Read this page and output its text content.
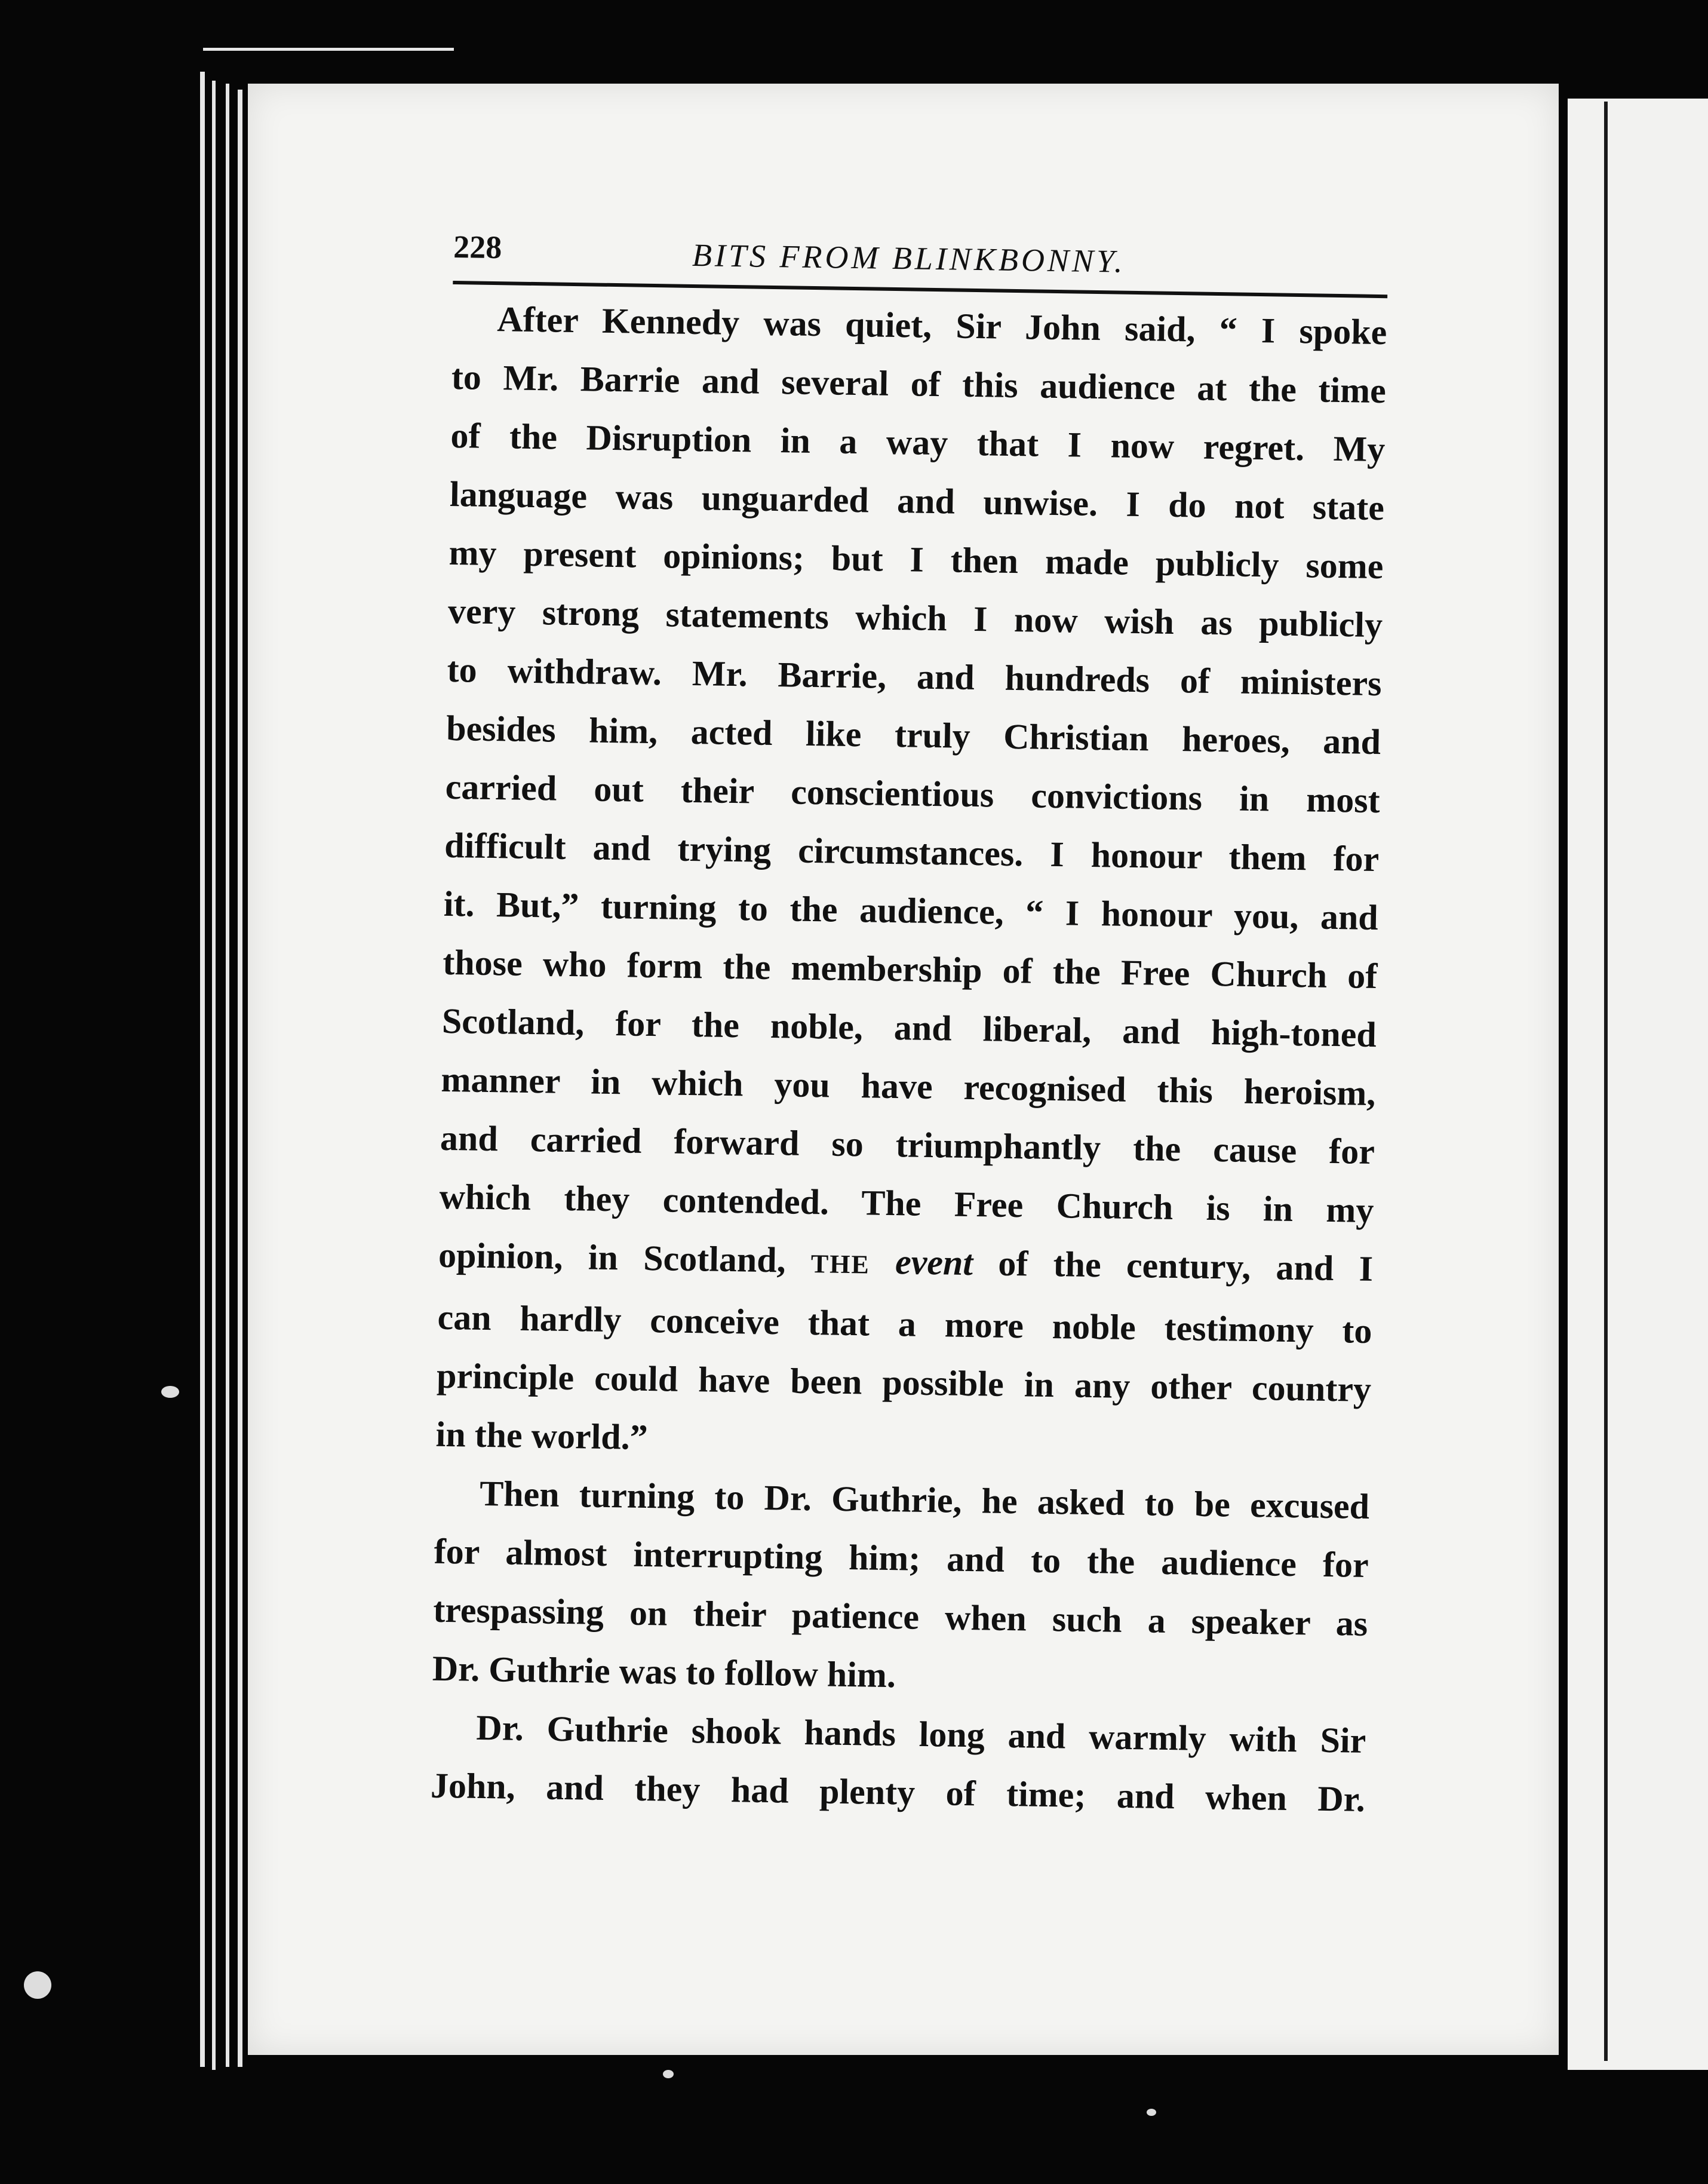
228	BITS FROM BLINKBONNY.

After Kennedy was quiet, Sir John said, “ I spoke
to Mr. Barrie and several of this audience at the time
of the Disruption in a way that I now regret. My
language was unguarded and unwise. I do not state
my present opinions; but I then made publicly some
very strong statements which I now wish as publicly
to withdraw. Mr. Barrie, and hundreds of ministers
besides him, acted like truly Christian heroes, and
carried out their conscientious convictions in most
difficult and trying circumstances. I honour them for
it. But,” turning to the audience, “ I honour you, and
those who form the membership of the Free Church of
Scotland, for the noble, and liberal, and high-toned
manner in which you have recognised this heroism,
and carried forward so triumphantly the cause for
which they contended. The Free Church is in my
opinion, in Scotland, THE event of the century, and I
can hardly conceive that a more noble testimony to
principle could have been possible in any other country
in the world.”

Then turning to Dr. Guthrie, he asked to be excused
for almost interrupting him; and to the audience for
trespassing on their patience when such a speaker as
Dr. Guthrie was to follow him.

Dr. Guthrie shook hands long and warmly with Sir
John, and they had plenty of time; and when Dr.
